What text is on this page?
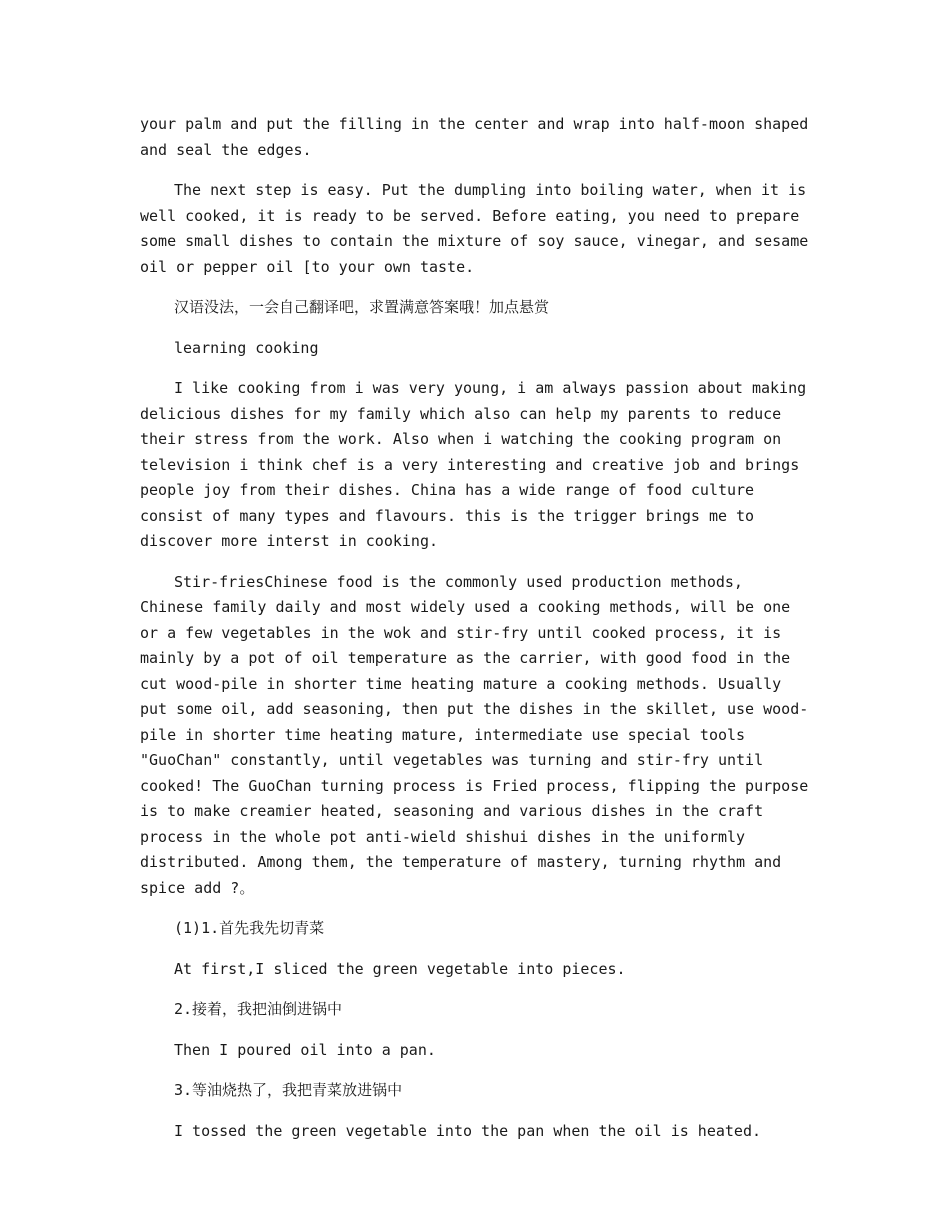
your palm and put the filling in the center and wrap into half-moon shaped and seal the edges.

The next step is easy. Put the dumpling into boiling water, when it is well cooked, it is ready to be served. Before eating, you need to prepare some small dishes to contain the mixture of soy sauce, vinegar, and sesame oil or pepper oil [to your own taste.

汉语没法，一会自己翻译吧，求置满意答案哦！加点悬赏

learning cooking

I like cooking from i was very young, i am always passion about making delicious dishes for my family which also can help my parents to reduce their stress from the work. Also when i watching the cooking program on television i think chef is a very interesting and creative job and brings people joy from their dishes. China has a wide range of food culture consist of many types and flavours. this is the trigger brings me to discover more interst in cooking.

Stir-friesChinese food is the commonly used production methods, Chinese family daily and most widely used a cooking methods, will be one or a few vegetables in the wok and stir-fry until cooked process, it is mainly by a pot of oil temperature as the carrier, with good food in the cut wood-pile in shorter time heating mature a cooking methods. Usually put some oil, add seasoning, then put the dishes in the skillet, use wood-pile in shorter time heating mature, intermediate use special tools "GuoChan" constantly, until vegetables was turning and stir-fry until cooked! The GuoChan turning process is Fried process, flipping the purpose is to make creamier heated, seasoning and various dishes in the craft process in the whole pot anti-wield shishui dishes in the uniformly distributed. Among them, the temperature of mastery, turning rhythm and spice add ?。

(1)1.首先我先切青菜

At first,I sliced the green vegetable into pieces.

2.接着，我把油倒进锅中

Then I poured oil into a pan.

3.等油烧热了，我把青菜放进锅中

I tossed the green vegetable into the pan when the oil is heated.
